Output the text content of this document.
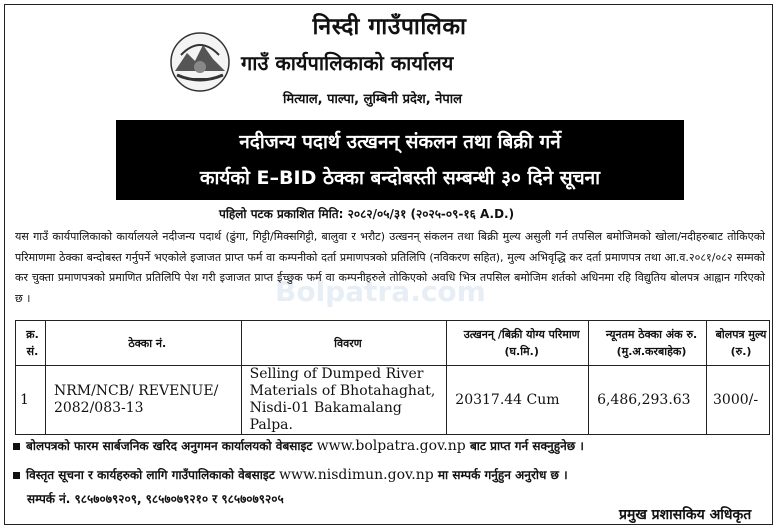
निस्दी गाउँपालिका
गाउँ कार्यपालिकाको कार्यालय
मित्याल, पाल्पा, लुम्बिनी प्रदेश, नेपाल
नदीजन्य पदार्थ उत्खनन् संकलन तथा बिक्री गर्ने
कार्यको E–BID ठेक्का बन्दोबस्ती सम्बन्धी ३० दिने सूचना
पहिलो पटक प्रकाशित मिति: २०८२/०५/३१ (२०२५-०९-१६ A.D.)
Bolpatra.com
यस गाउँ कार्यपालिकाको कार्यालयले नदीजन्य पदार्थ (ढुंगा, गिट्टी/मिक्सगिट्टी, बालुवा र भरौट) उत्खनन् संकलन तथा बिक्री मुल्य असुली गर्न तपसिल बमोजिमको खोला/नदीहरुबाट तोकिएको परिमाणमा ठेक्का बन्दोबस्त गर्नुपर्ने भएकोले इजाजत प्राप्त फर्म वा कम्पनीको दर्ता प्रमाणपत्रको प्रतिलिपि (नविकरण सहित), मुल्य अभिवृद्धि कर दर्ता प्रमाणपत्र तथा आ.व.२०८१/०८२ सम्मको कर चुक्ता प्रमाणपत्रको प्रमाणित प्रतिलिपि पेश गरी इजाजत प्राप्त ईच्छुक फर्म वा कम्पनीहरुले तोकिएको अवधि भित्र तपसिल बमोजिम शर्तको अधिनमा रहि विद्युतिय बोलपत्र आह्वान गरिएको छ ।
क्र. सं.	ठेक्का नं.	विवरण	उत्खनन् /बिक्री योग्य परिमाण (घ.मि.)	न्यूनतम ठेक्का अंक रु. (मु.अ.करबाहेक)	बोलपत्र मुल्य (रु.)
1	NRM/NCB/ REVENUE/ 2082/083-13	Selling of Dumped River Materials of Bhotahaghat, Nisdi-01 Bakamalang Palpa.	20317.44 Cum	6,486,293.63	3000/-
बोलपत्रको फारम सार्बजनिक खरिद अनुगमन कार्यालयको वेबसाइट www.bolpatra.gov.np बाट प्राप्त गर्न सक्नुहुनेछ ।
विस्तृत सूचना र कार्यहरुको लागि गाउँपालिकाको वेबसाइट www.nisdimun.gov.np मा सम्पर्क गर्नुहुन अनुरोध छ ।
सम्पर्क नं. ९८५७०७९२०९, ९८५७०७९२१० र ९८५७०७९२०५
प्रमुख प्रशासकिय अधिकृत
